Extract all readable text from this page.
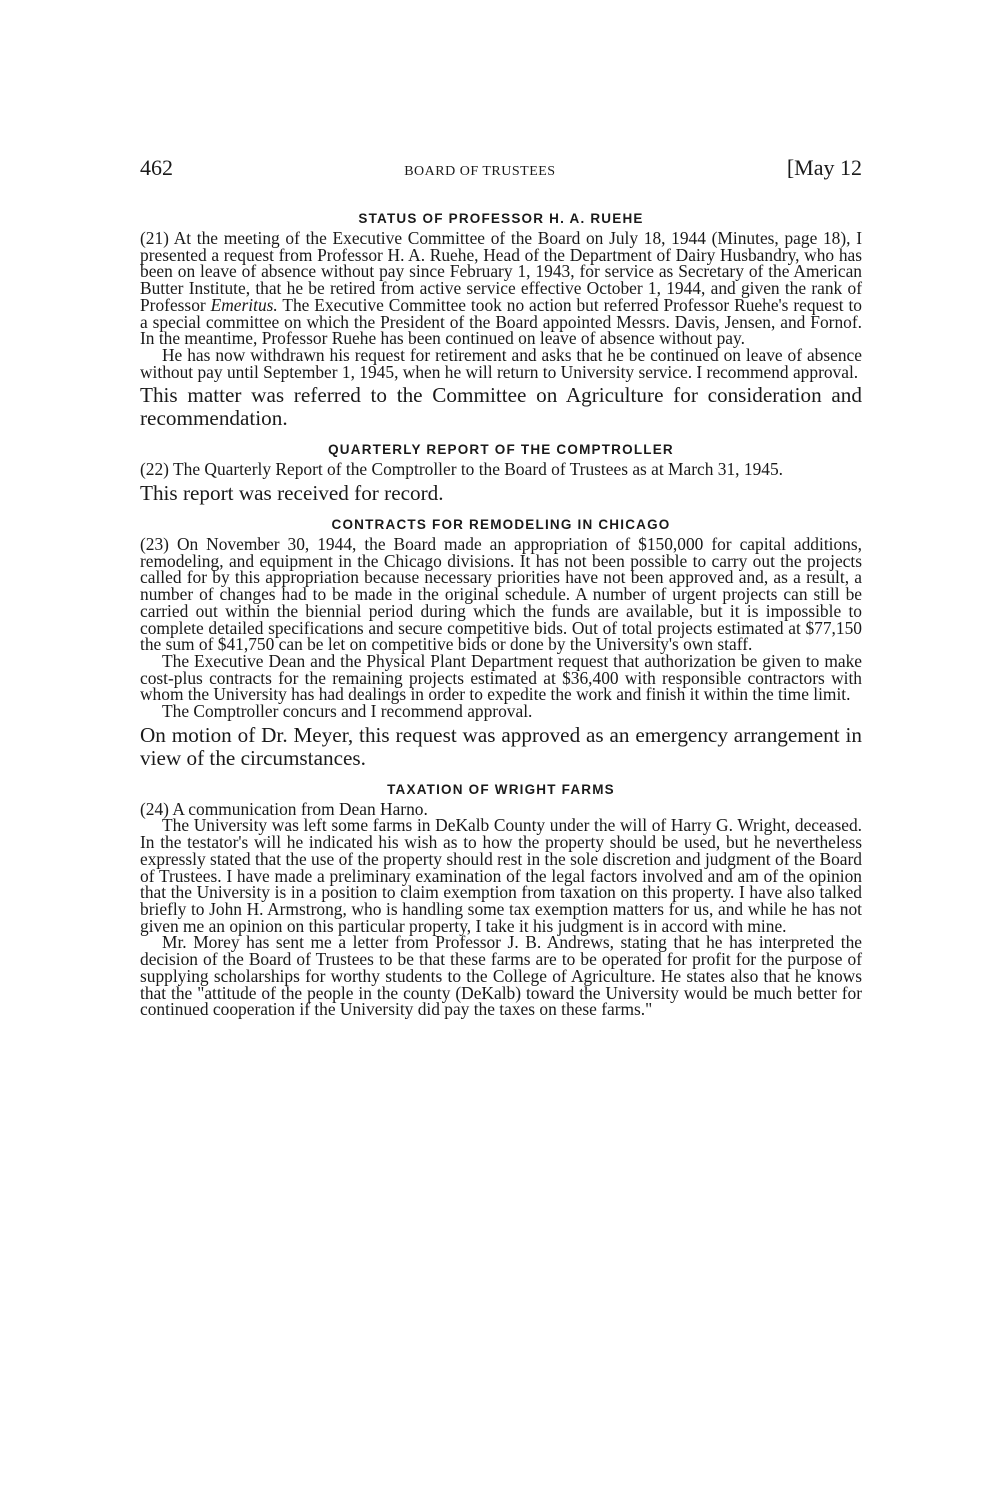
462	BOARD OF TRUSTEES	[May 12
STATUS OF PROFESSOR H. A. RUEHE

(21) At the meeting of the Executive Committee of the Board on July 18, 1944 (Minutes, page 18), I presented a request from Professor H. A. Ruehe, Head of the Department of Dairy Husbandry, who has been on leave of absence without pay since February 1, 1943, for service as Secretary of the American Butter Institute, that he be retired from active service effective October 1, 1944, and given the rank of Professor Emeritus. The Executive Committee took no action but referred Professor Ruehe's request to a special committee on which the President of the Board appointed Messrs. Davis, Jensen, and Fornof. In the meantime, Professor Ruehe has been continued on leave of absence without pay.

He has now withdrawn his request for retirement and asks that he be continued on leave of absence without pay until September 1, 1945, when he will return to University service. I recommend approval.

This matter was referred to the Committee on Agriculture for consideration and recommendation.

QUARTERLY REPORT OF THE COMPTROLLER

(22) The Quarterly Report of the Comptroller to the Board of Trustees as at March 31, 1945.

This report was received for record.

CONTRACTS FOR REMODELING IN CHICAGO

(23) On November 30, 1944, the Board made an appropriation of $150,000 for capital additions, remodeling, and equipment in the Chicago divisions. It has not been possible to carry out the projects called for by this appropriation because necessary priorities have not been approved and, as a result, a number of changes had to be made in the original schedule. A number of urgent projects can still be carried out within the biennial period during which the funds are available, but it is impossible to complete detailed specifications and secure competitive bids. Out of total projects estimated at $77,150 the sum of $41,750 can be let on competitive bids or done by the University's own staff.

The Executive Dean and the Physical Plant Department request that authorization be given to make cost-plus contracts for the remaining projects estimated at $36,400 with responsible contractors with whom the University has had dealings in order to expedite the work and finish it within the time limit.

The Comptroller concurs and I recommend approval.

On motion of Dr. Meyer, this request was approved as an emergency arrangement in view of the circumstances.

TAXATION OF WRIGHT FARMS

(24) A communication from Dean Harno.

The University was left some farms in DeKalb County under the will of Harry G. Wright, deceased. In the testator's will he indicated his wish as to how the property should be used, but he nevertheless expressly stated that the use of the property should rest in the sole discretion and judgment of the Board of Trustees. I have made a preliminary examination of the legal factors involved and am of the opinion that the University is in a position to claim exemption from taxation on this property. I have also talked briefly to John H. Armstrong, who is handling some tax exemption matters for us, and while he has not given me an opinion on this particular property, I take it his judgment is in accord with mine.

Mr. Morey has sent me a letter from Professor J. B. Andrews, stating that he has interpreted the decision of the Board of Trustees to be that these farms are to be operated for profit for the purpose of supplying scholarships for worthy students to the College of Agriculture. He states also that he knows that the "attitude of the people in the county (DeKalb) toward the University would be much better for continued cooperation if the University did pay the taxes on these farms."
